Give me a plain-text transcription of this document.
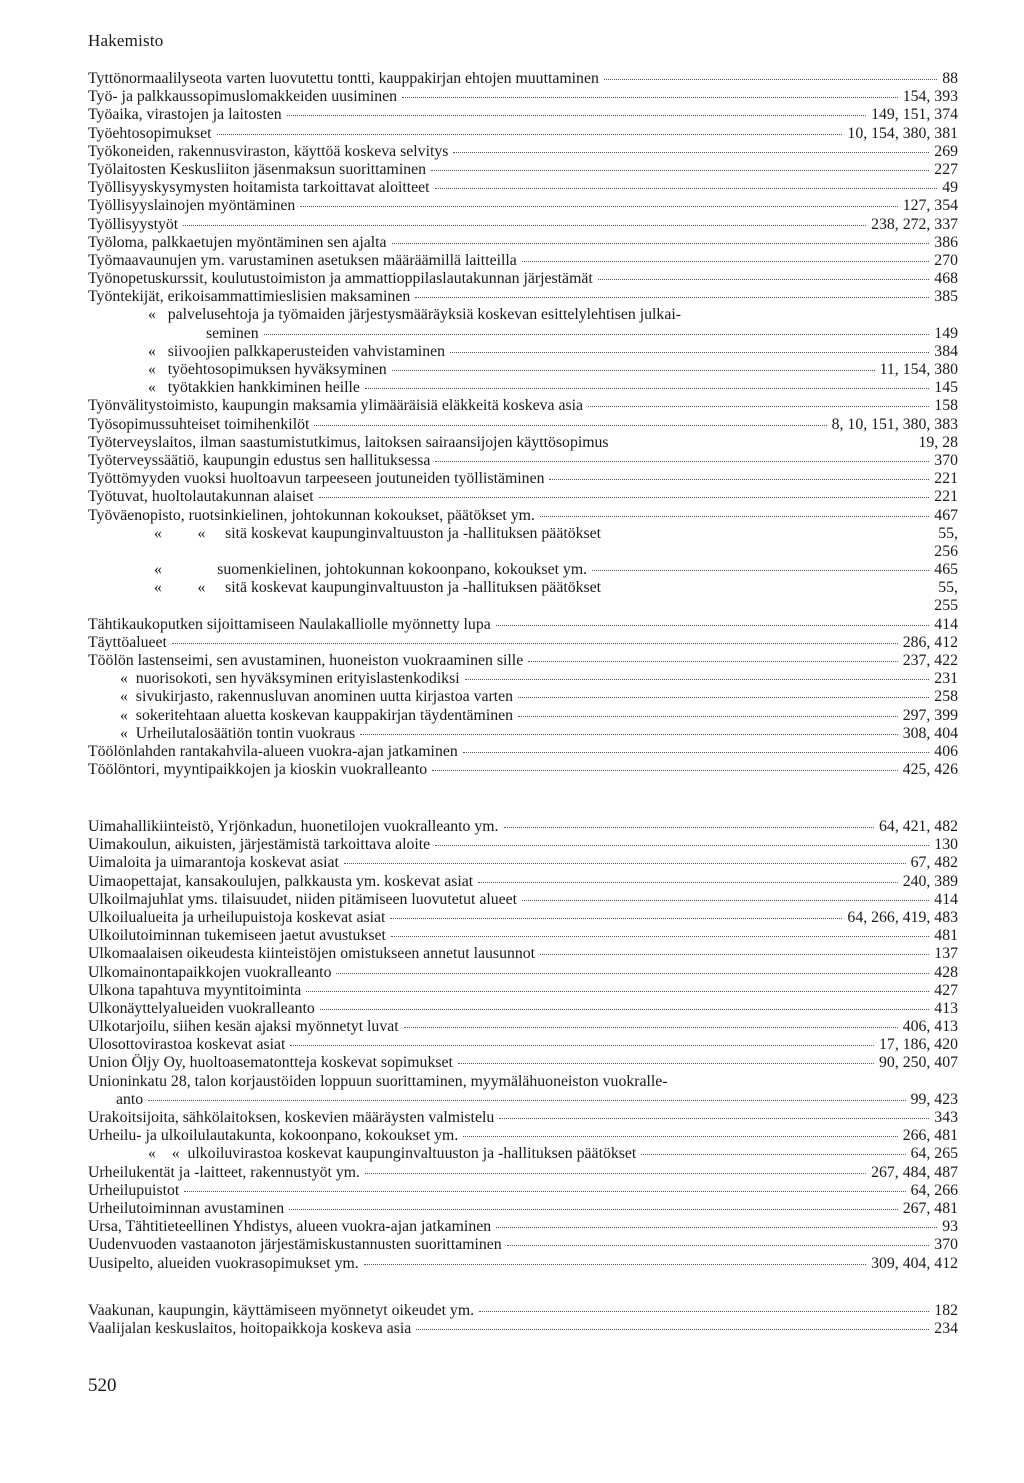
Hakemisto
Tyttönormaalilyseota varten luovutettu tontti, kauppakirjan ehtojen muuttaminen	88
Työ- ja palkkaussopimuslomakkeiden uusiminen	154, 393
Työaika, virastojen ja laitosten	149, 151, 374
Työehtosopimukset	10, 154, 380, 381
Työkoneiden, rakennusviraston, käyttöä koskeva selvitys	269
Työlaitosten Keskusliiton jäsenmaksun suorittaminen	227
Työllisyyskysymysten hoitamista tarkoittavat aloitteet	49
Työllisyyslainojen myöntäminen	127, 354
Työllisyystyöt	238, 272, 337
Työloma, palkkaetujen myöntäminen sen ajalta	386
Työmaavaunujen ym. varustaminen asetuksen määräämillä laitteilla	270
Työnopetuskurssit, koulutustoimiston ja ammattioppilaslautakunnan järjestämät	468
Työntekijät, erikoisammattimieslisien maksaminen	385
«   palvelusehtoja ja työmaiden järjestysmääräyksiä koskevan esittelylehtisen julkai-
seminen	149
«   siivoojien palkkaperusteiden vahvistaminen	384
«   työehtosopimuksen hyväksyminen	11, 154, 380
«   työtakkien hankkiminen heille	145
Työnvälitystoimisto, kaupungin maksamia ylimääräisiä eläkkeitä koskeva asia	158
Työsopimussuhteiset toimihenkilöt	8, 10, 151, 380, 383
Työterveyslaitos, ilman saastumistutkimus, laitoksen sairaansijojen käyttösopimus	19, 28
Työterveyssäätiö, kaupungin edustus sen hallituksessa	370
Työttömyyden vuoksi huoltoavun tarpeeseen joutuneiden työllistäminen	221
Työtuvat, huoltolautakunnan alaiset	221
Työväenopisto, ruotsinkielinen, johtokunnan kokoukset, päätökset ym.	467
«         «     sitä koskevat kaupunginvaltuuston ja -hallituksen päätökset	55,
256
«              suomenkielinen, johtokunnan kokoonpano, kokoukset ym.	465
«         «     sitä koskevat kaupunginvaltuuston ja -hallituksen päätökset	55,
255
Tähtikaukoputken sijoittamiseen Naulakalliolle myönnetty lupa	414
Täyttöalueet	286, 412
Töölön lastenseimi, sen avustaminen, huoneiston vuokraaminen sille	237, 422
«  nuorisokoti, sen hyväksyminen erityislastenkodiksi	231
«  sivukirjasto, rakennusluvan anominen uutta kirjastoa varten	258
«  sokeritehtaan aluetta koskevan kauppakirjan täydentäminen	297, 399
«  Urheilutalosäätiön tontin vuokraus	308, 404
Töölönlahden rantakahvila-alueen vuokra-ajan jatkaminen	406
Töölöntori, myyntipaikkojen ja kioskin vuokralleanto	425, 426
Uimahallikiinteistö, Yrjönkadun, huonetilojen vuokralleanto ym.	64, 421, 482
Uimakoulun, aikuisten, järjestämistä tarkoittava aloite	130
Uimaloita ja uimarantoja koskevat asiat	67, 482
Uimaopettajat, kansakoulujen, palkkausta ym. koskevat asiat	240, 389
Ulkoilmajuhlat yms. tilaisuudet, niiden pitämiseen luovutetut alueet	414
Ulkoilualueita ja urheilupuistoja koskevat asiat	64, 266, 419, 483
Ulkoilutoiminnan tukemiseen jaetut avustukset	481
Ulkomaalaisen oikeudesta kiinteistöjen omistukseen annetut lausunnot	137
Ulkomainontapaikkojen vuokralleanto	428
Ulkona tapahtuva myyntitoiminta	427
Ulkonäyttelyalueiden vuokralleanto	413
Ulkotarjoilu, siihen kesän ajaksi myönnetyt luvat	406, 413
Ulosottovirastoa koskevat asiat	17, 186, 420
Union Öljy Oy, huoltoasematontteja koskevat sopimukset	90, 250, 407
Unioninkatu 28, talon korjaustöiden loppuun suorittaminen, myymälähuoneiston vuokralle-
anto	99, 423
Urakoitsijoita, sähkölaitoksen, koskevien määräysten valmistelu	343
Urheilu- ja ulkoilulautakunta, kokoonpano, kokoukset ym.	266, 481
«    «  ulkoiluvirastoa koskevat kaupunginvaltuuston ja -hallituksen päätökset	64, 265
Urheilukentät ja -laitteet, rakennustyöt ym.	267, 484, 487
Urheilupuistot	64, 266
Urheilutoiminnan avustaminen	267, 481
Ursa, Tähtitieteellinen Yhdistys, alueen vuokra-ajan jatkaminen	93
Uudenvuoden vastaanoton järjestämiskustannusten suorittaminen	370
Uusipelto, alueiden vuokrasopimukset ym.	309, 404, 412
Vaakunan, kaupungin, käyttämiseen myönnetyt oikeudet ym.	182
Vaalijalan keskuslaitos, hoitopaikkoja koskeva asia	234
520
